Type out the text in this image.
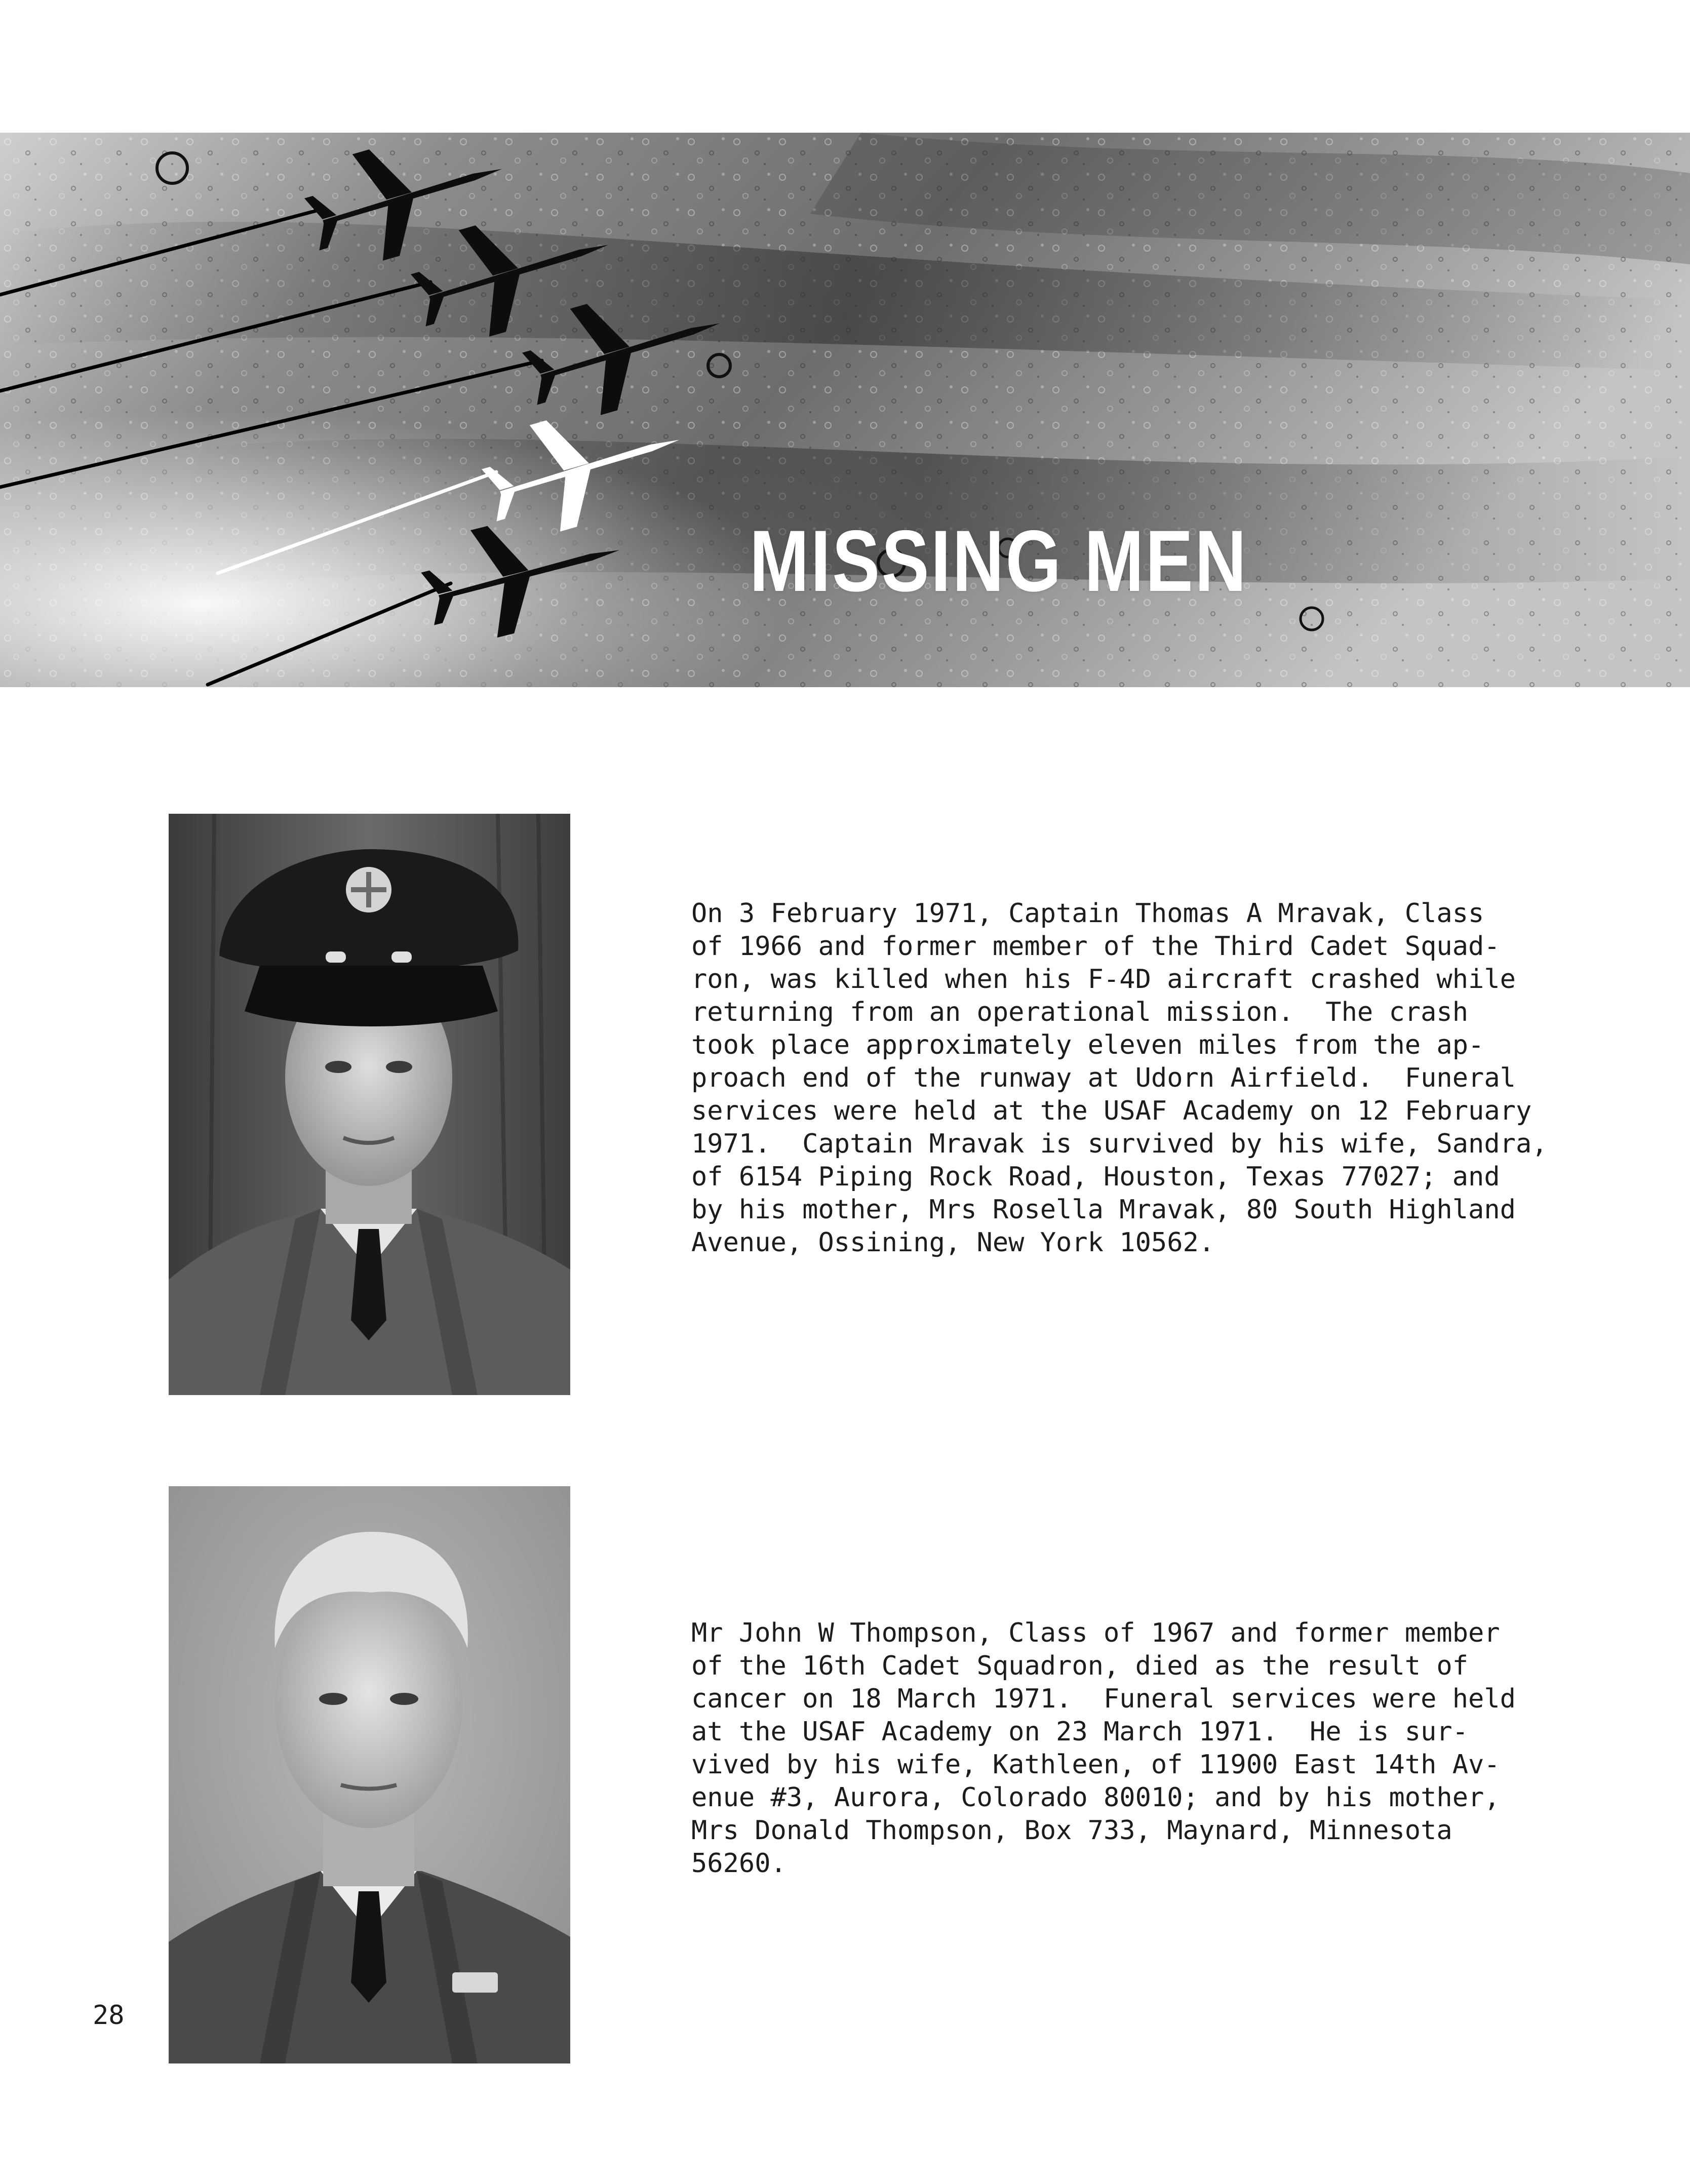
MISSING MEN
On 3 February 1971, Captain Thomas A Mravak, Class
of 1966 and former member of the Third Cadet Squad-
ron, was killed when his F-4D aircraft crashed while
returning from an operational mission.  The crash
took place approximately eleven miles from the ap-
proach end of the runway at Udorn Airfield.  Funeral
services were held at the USAF Academy on 12 February
1971.  Captain Mravak is survived by his wife, Sandra,
of 6154 Piping Rock Road, Houston, Texas 77027; and
by his mother, Mrs Rosella Mravak, 80 South Highland
Avenue, Ossining, New York 10562.
Mr John W Thompson, Class of 1967 and former member
of the 16th Cadet Squadron, died as the result of
cancer on 18 March 1971.  Funeral services were held
at the USAF Academy on 23 March 1971.  He is sur-
vived by his wife, Kathleen, of 11900 East 14th Av-
enue #3, Aurora, Colorado 80010; and by his mother,
Mrs Donald Thompson, Box 733, Maynard, Minnesota
56260.
28
